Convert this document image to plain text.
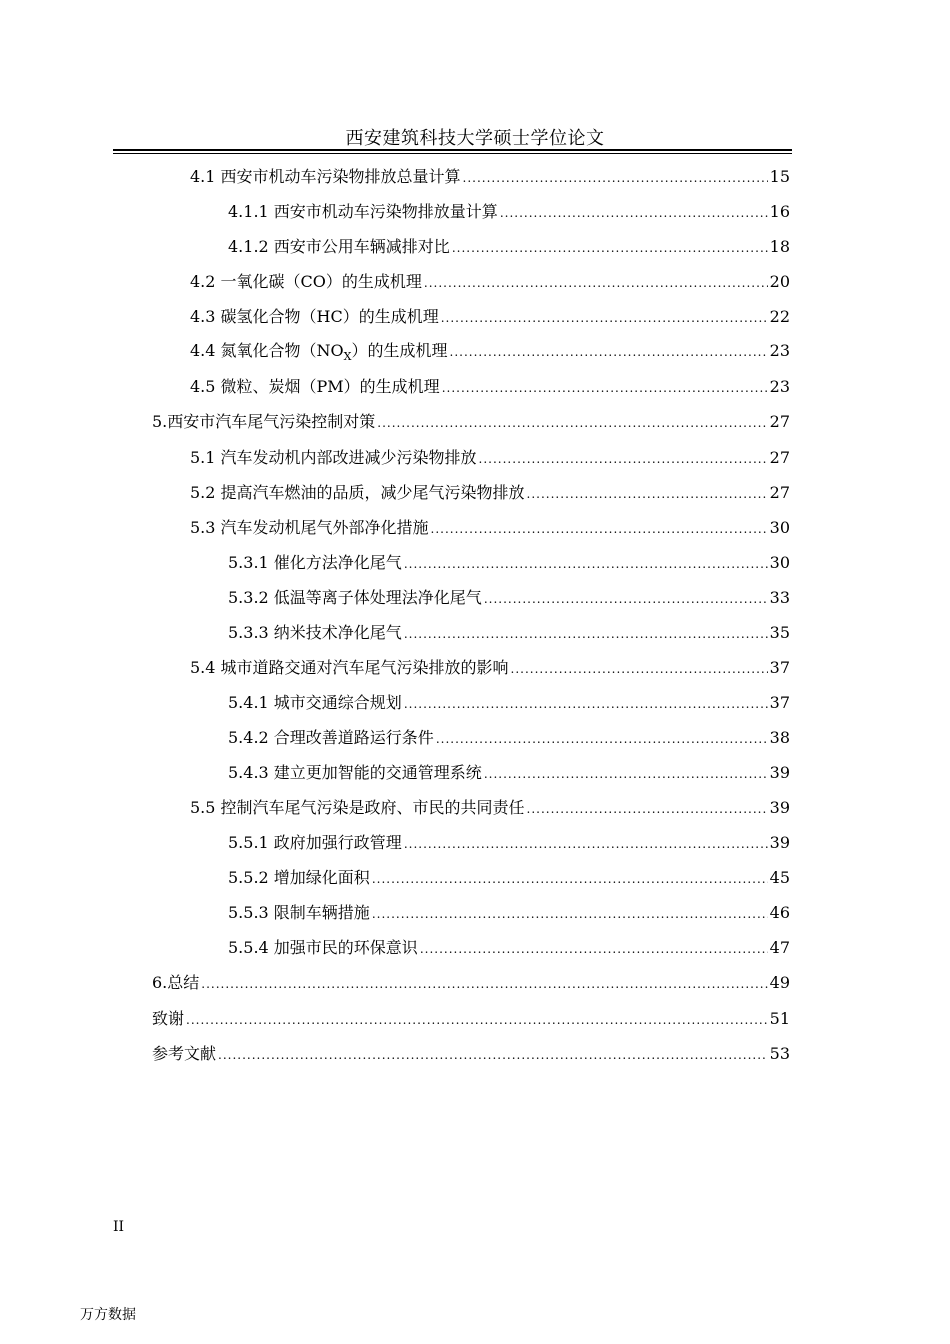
西安建筑科技大学硕士学位论文
4.1 西安市机动车污染物排放总量计算 .....	15
4.1.1 西安市机动车污染物排放量计算 .....	16
4.1.2 西安市公用车辆减排对比 .....	18
4.2 一氧化碳（CO）的生成机理 .....	20
4.3 碳氢化合物（HC）的生成机理 .....	22
4.4 氮氧化合物$(NO_X)$的生成机理 .....	23
4.5 微粒、炭烟（PM）的生成机理 .....	23
5.西安市汽车尾气污染控制对策 .....	27
5.1 汽车发动机内部改进减少污染物排放 .....	27
5.2 提高汽车燃油的品质，减少尾气污染物排放 .....	27
5.3 汽车发动机尾气外部净化措施 .....	30
5.3.1 催化方法净化尾气 .....	30
5.3.2 低温等离子体处理法净化尾气 .....	33
5.3.3 纳米技术净化尾气 .....	35
5.4 城市道路交通对汽车尾气污染排放的影响 .....	37
5.4.1 城市交通综合规划 .....	37
5.4.2 合理改善道路运行条件 .....	38
5.4.3 建立更加智能的交通管理系统 .....	39
5.5 控制汽车尾气污染是政府、市民的共同责任 .....	39
5.5.1 政府加强行政管理 .....	39
5.5.2 增加绿化面积 .....	45
5.5.3 限制车辆措施 .....	46
5.5.4 加强市民的环保意识 .....	47
6.总结 .....	49
致谢 .....	51
参考文献 .....	53
II
万方数据
